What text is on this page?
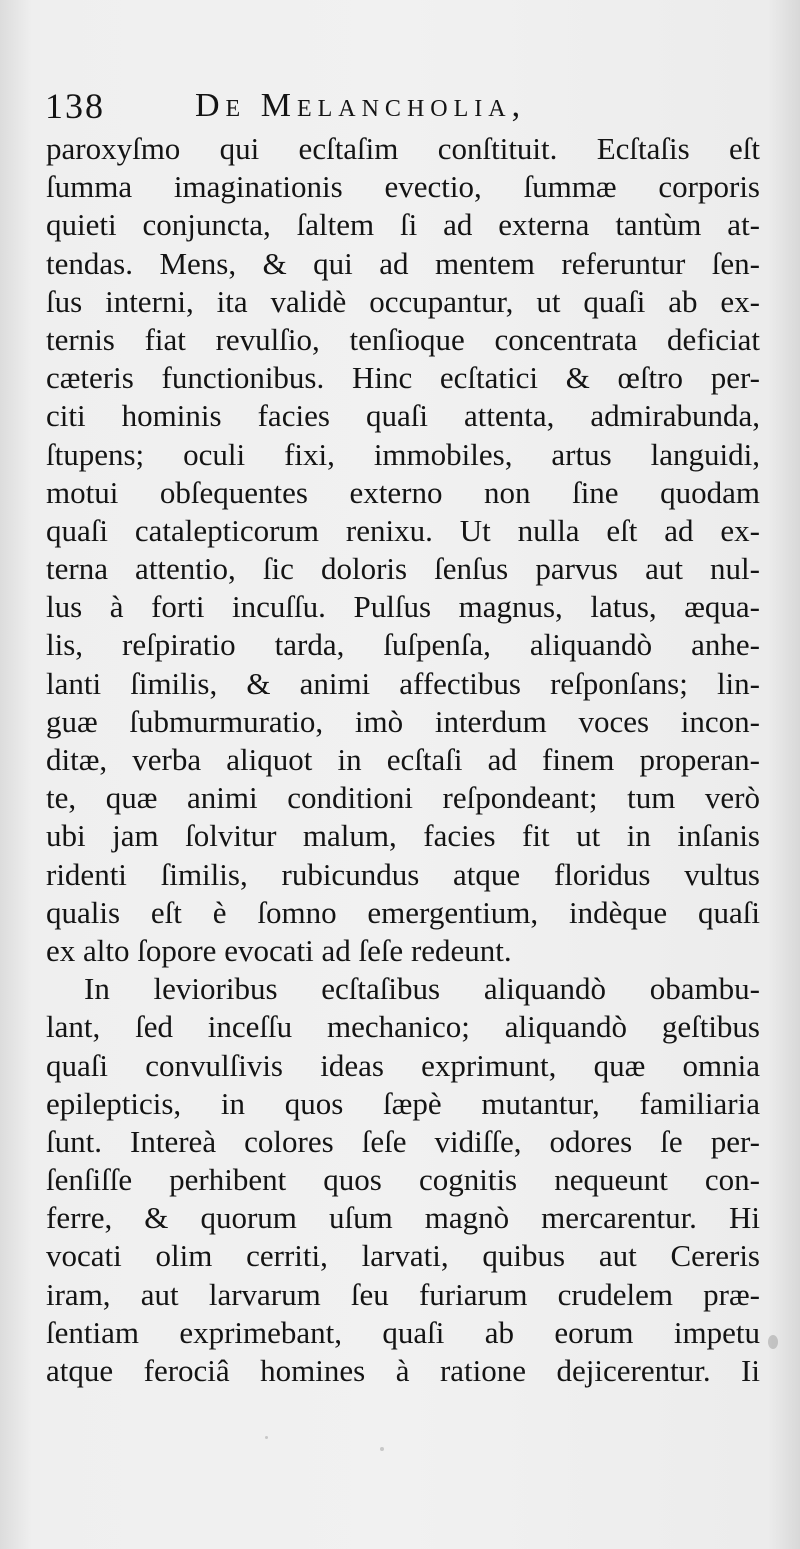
138	De Melancholia,
paroxyſmo qui ecſtaſim conſtituit. Ecſtaſis eſt
ſumma imaginationis evectio, ſummæ corporis
quieti conjuncta, ſaltem ſi ad externa tantùm at-
tendas. Mens, & qui ad mentem referuntur ſen-
ſus interni, ita validè occupantur, ut quaſi ab ex-
ternis fiat revulſio, tenſioque concentrata deficiat
cæteris functionibus. Hinc ecſtatici & œſtro per-
citi hominis facies quaſi attenta, admirabunda,
ſtupens; oculi fixi, immobiles, artus languidi,
motui obſequentes externo non ſine quodam
quaſi catalepticorum renixu. Ut nulla eſt ad ex-
terna attentio, ſic doloris ſenſus parvus aut nul-
lus à forti incuſſu. Pulſus magnus, latus, æqua-
lis, reſpiratio tarda, ſuſpenſa, aliquandò anhe-
lanti ſimilis, & animi affectibus reſponſans; lin-
guæ ſubmurmuratio, imò interdum voces incon-
ditæ, verba aliquot in ecſtaſi ad finem properan-
te, quæ animi conditioni reſpondeant; tum verò
ubi jam ſolvitur malum, facies fit ut in inſanis
ridenti ſimilis, rubicundus atque floridus vultus
qualis eſt è ſomno emergentium, indèque quaſi
ex alto ſopore evocati ad ſeſe redeunt.
In levioribus ecſtaſibus aliquandò obambu-
lant, ſed inceſſu mechanico; aliquandò geſtibus
quaſi convulſivis ideas exprimunt, quæ omnia
epilepticis, in quos ſæpè mutantur, familiaria
ſunt. Intereà colores ſeſe vidiſſe, odores ſe per-
ſenſiſſe perhibent quos cognitis nequeunt con-
ferre, & quorum uſum magnò mercarentur. Hi
vocati olim cerriti, larvati, quibus aut Cereris
iram, aut larvarum ſeu furiarum crudelem præ-
ſentiam exprimebant, quaſi ab eorum impetu
atque ferociâ homines à ratione dejicerentur. Ii
